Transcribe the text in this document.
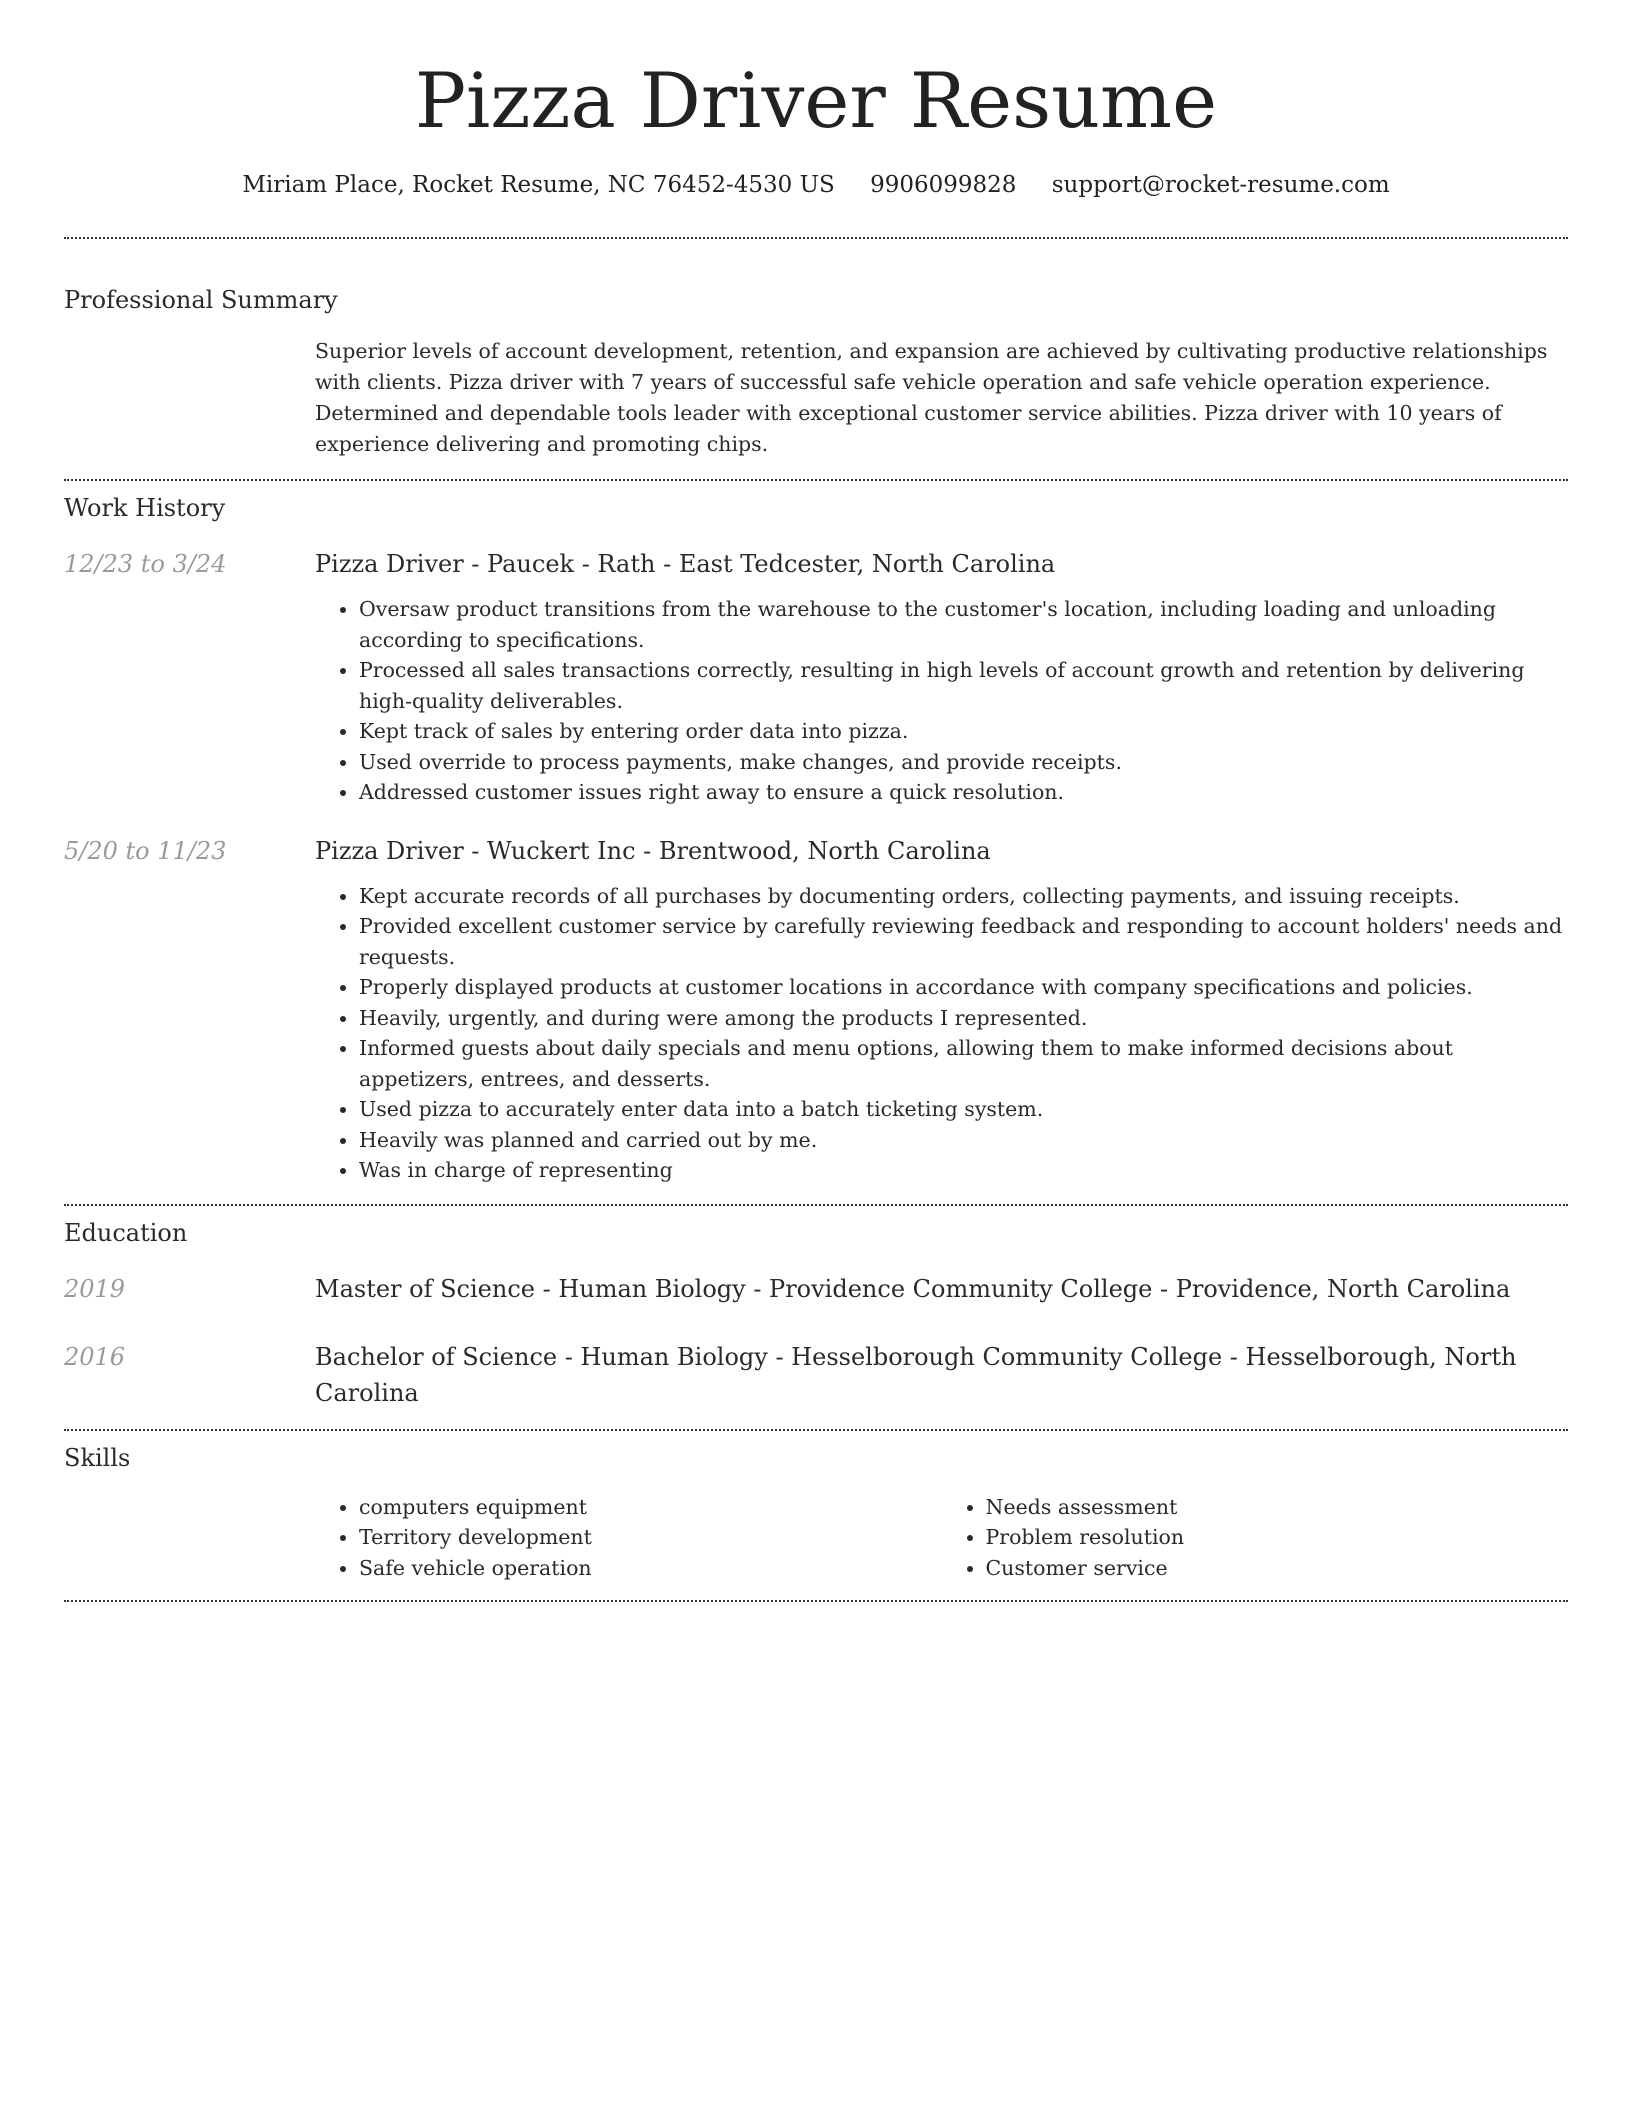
Pizza Driver Resume
Miriam Place, Rocket Resume, NC 76452-4530 US 9906099828 support@rocket-resume.com
Professional Summary

Superior levels of account development, retention, and expansion are achieved by cultivating productive relationships with clients. Pizza driver with 7 years of successful safe vehicle operation and safe vehicle operation experience. Determined and dependable tools leader with exceptional customer service abilities. Pizza driver with 10 years of experience delivering and promoting chips.

Work History
12/23 to 3/24	Pizza Driver - Paucek - Rath - East Tedcester, North Carolina

• Oversaw product transitions from the warehouse to the customer's location, including loading and unloading according to specifications.
• Processed all sales transactions correctly, resulting in high levels of account growth and retention by delivering high-quality deliverables.
• Kept track of sales by entering order data into pizza.
• Used override to process payments, make changes, and provide receipts.
• Addressed customer issues right away to ensure a quick resolution.
5/20 to 11/23	Pizza Driver - Wuckert Inc - Brentwood, North Carolina

• Kept accurate records of all purchases by documenting orders, collecting payments, and issuing receipts.
• Provided excellent customer service by carefully reviewing feedback and responding to account holders' needs and requests.
• Properly displayed products at customer locations in accordance with company specifications and policies.
• Heavily, urgently, and during were among the products I represented.
• Informed guests about daily specials and menu options, allowing them to make informed decisions about appetizers, entrees, and desserts.
• Used pizza to accurately enter data into a batch ticketing system.
• Heavily was planned and carried out by me.
• Was in charge of representing
Education
2019	Master of Science - Human Biology - Providence Community College - Providence, North Carolina

2016	Bachelor of Science - Human Biology - Hesselborough Community College - Hesselborough, North Carolina

Skills
• computers equipment
• Territory development
• Safe vehicle operation
• Needs assessment
• Problem resolution
• Customer service
